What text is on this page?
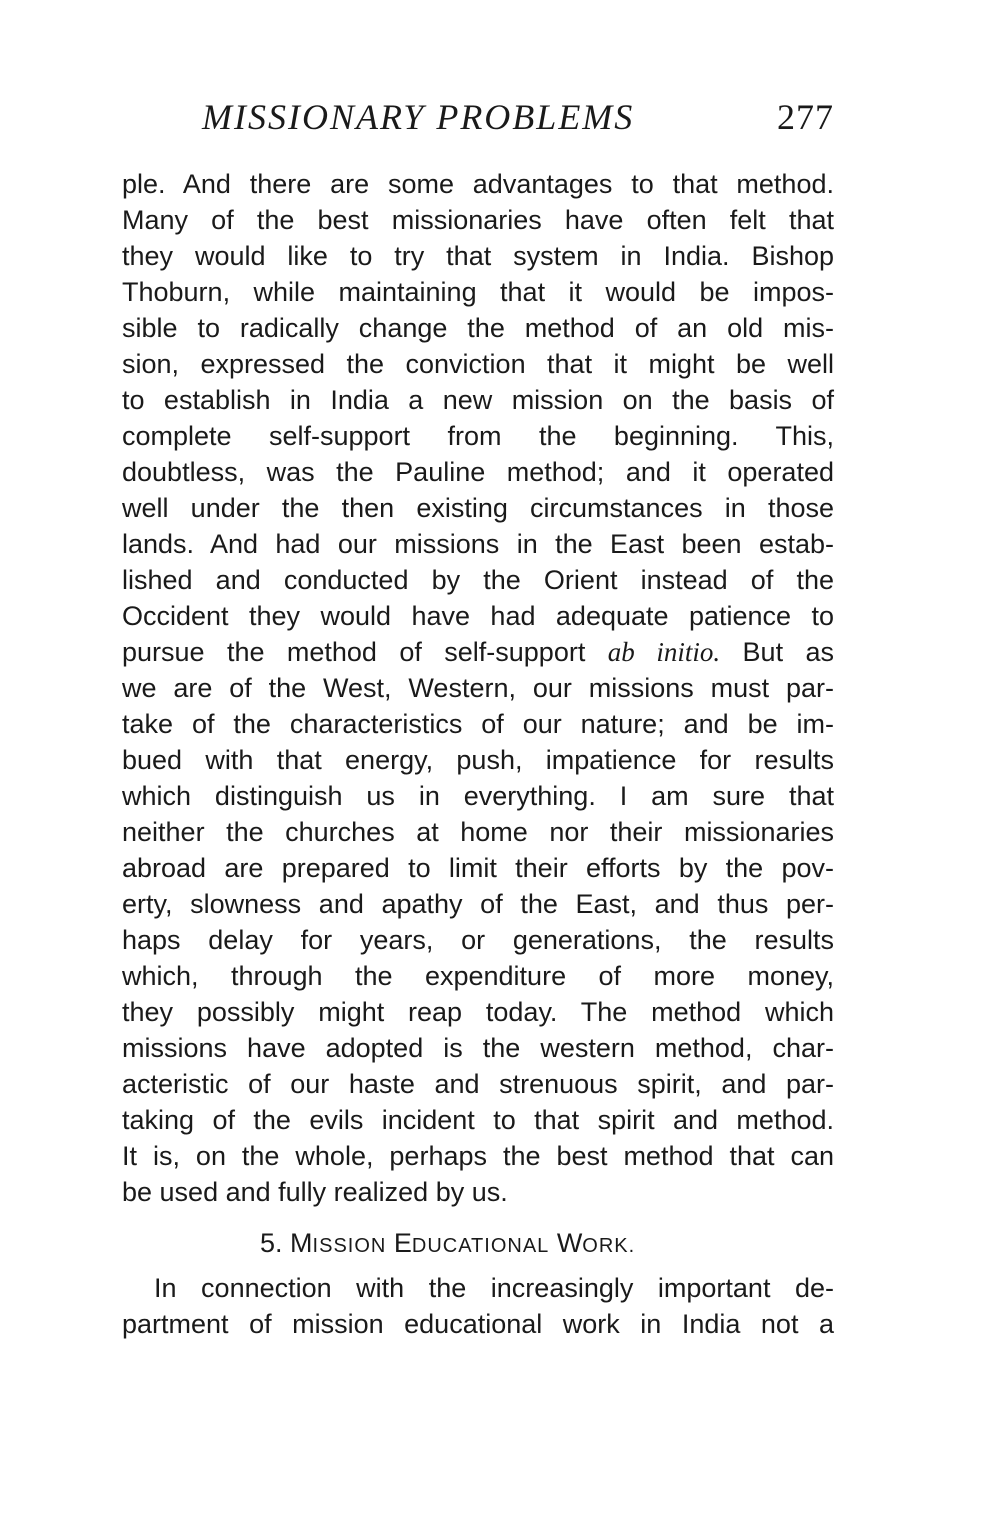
MISSIONARY PROBLEMS	277
ple. And there are some advantages to that method.
Many of the best missionaries have often felt that
they would like to try that system in India. Bishop
Thoburn, while maintaining that it would be impos-
sible to radically change the method of an old mis-
sion, expressed the conviction that it might be well
to establish in India a new mission on the basis of
complete self-support from the beginning. This,
doubtless, was the Pauline method; and it operated
well under the then existing circumstances in those
lands. And had our missions in the East been estab-
lished and conducted by the Orient instead of the
Occident they would have had adequate patience to
pursue the method of self-support ab initio. But as
we are of the West, Western, our missions must par-
take of the characteristics of our nature; and be im-
bued with that energy, push, impatience for results
which distinguish us in everything. I am sure that
neither the churches at home nor their missionaries
abroad are prepared to limit their efforts by the pov-
erty, slowness and apathy of the East, and thus per-
haps delay for years, or generations, the results
which, through the expenditure of more money,
they possibly might reap today. The method which
missions have adopted is the western method, char-
acteristic of our haste and strenuous spirit, and par-
taking of the evils incident to that spirit and method.
It is, on the whole, perhaps the best method that can
be used and fully realized by us.
5. MISSION EDUCATIONAL WORK.
In connection with the increasingly important de-
partment of mission educational work in India not a
